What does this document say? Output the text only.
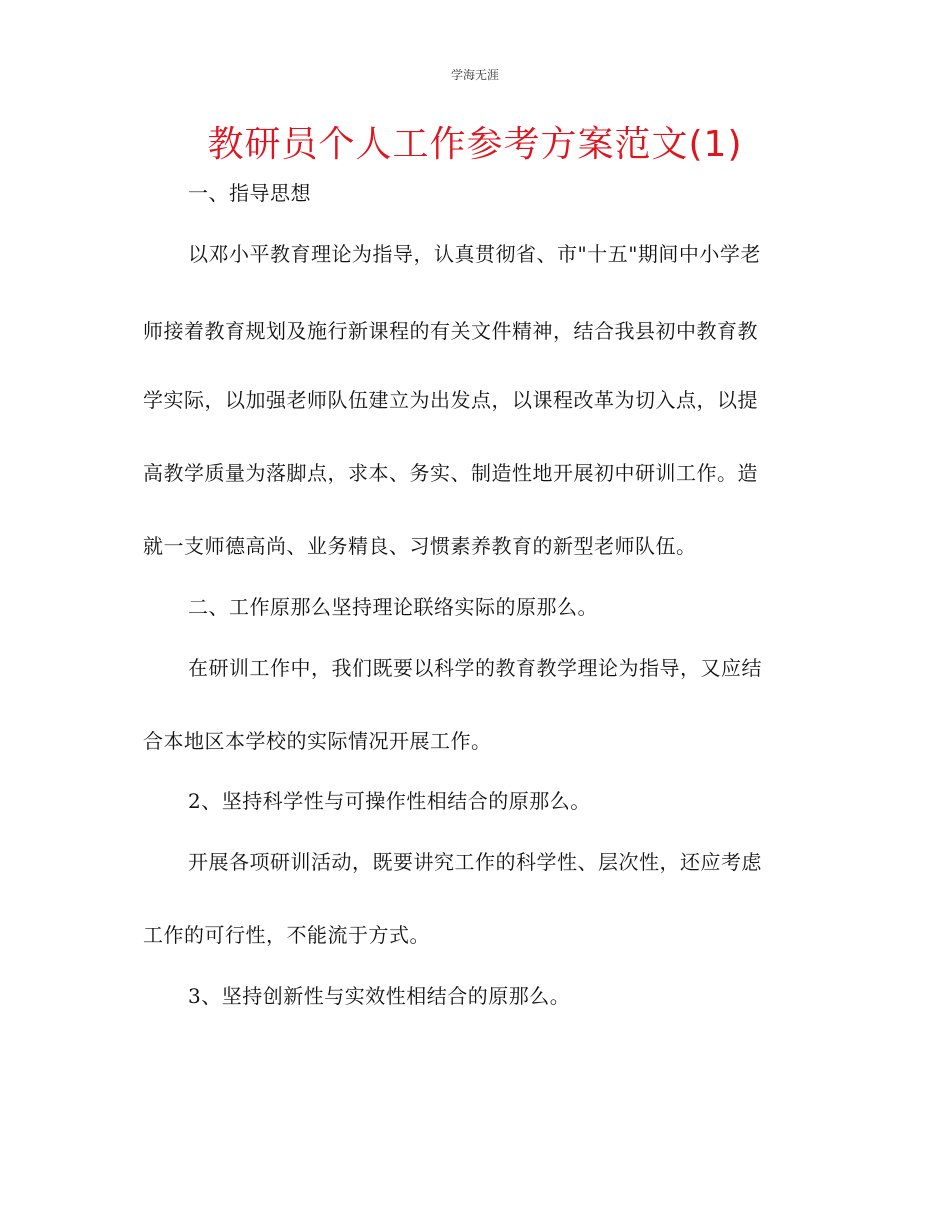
学海无涯
教研员个人工作参考方案范文(1)
一、指导思想
以邓小平教育理论为指导，认真贯彻省、市"十五"期间中小学老
师接着教育规划及施行新课程的有关文件精神，结合我县初中教育教
学实际，以加强老师队伍建立为出发点，以课程改革为切入点，以提
高教学质量为落脚点，求本、务实、制造性地开展初中研训工作。造
就一支师德高尚、业务精良、习惯素养教育的新型老师队伍。
二、工作原那么坚持理论联络实际的原那么。
在研训工作中，我们既要以科学的教育教学理论为指导，又应结
合本地区本学校的实际情况开展工作。
2、坚持科学性与可操作性相结合的原那么。
开展各项研训活动，既要讲究工作的科学性、层次性，还应考虑
工作的可行性，不能流于方式。
3、坚持创新性与实效性相结合的原那么。
